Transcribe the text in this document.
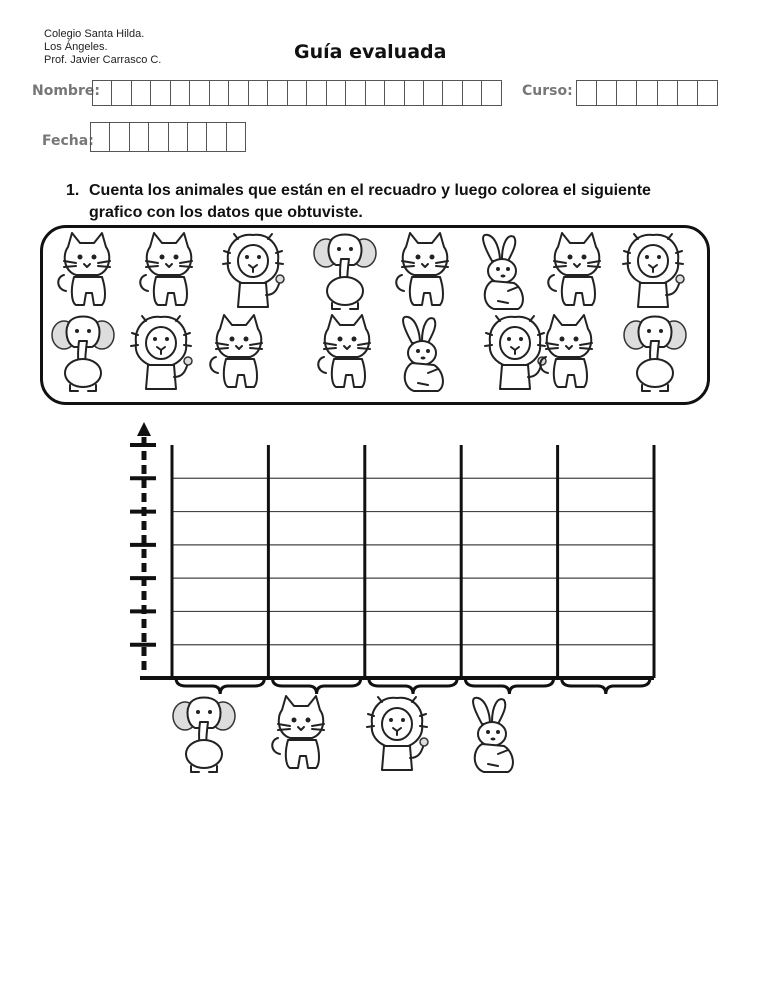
Colegio Santa Hilda.
Los Ángeles.
Prof. Javier Carrasco C.	Guía evaluada
Nombre:	Curso:
Fecha:
1. Cuenta los animales que están en el recuadro y luego colorea el siguiente
grafico con los datos que obtuviste.
